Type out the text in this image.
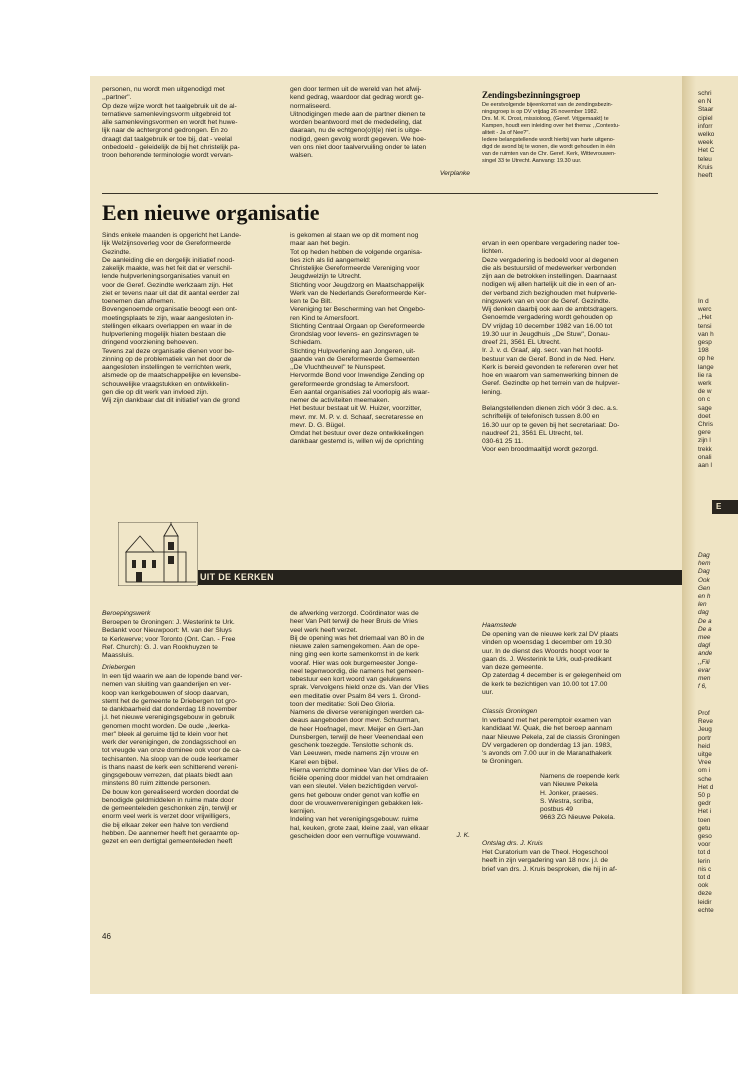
schri
en N
Staar
cipiel
inforr
welko
week
Het C
teleu
Kruis
heeft
In d
werc
,,Het
tensi
van h
gesp
198
op he
lange
lie ra
werk
de w
on c
sage
doet
Chris
gere
zijn l
trekk
onali
aan l
E
Dag
hem
Dag
Ook
Gen
en h
len
dag
De a
De a
mee
dagl
ande
,,Fili
evar
men
f 6,
Prof
Reve
Jeug
portr
heid
uitge
Vree
om i
sche
Het d
50 p
gedr
Het i
toen
getu
geso
voor
tot d
lerin
nis c
tot d
ook
deze
leidir
echte
personen, nu wordt men uitgenodigd met
,,partner''.
Op deze wijze wordt het taalgebruik uit de al-
ternatieve samenlevingsvorm uitgebreid tot
alle samenlevingsvormen en wordt het huwe-
lijk naar de achtergrond gedrongen. En zo
draagt dat taalgebruik er toe bij, dat - veelal
onbedoeld - geleidelijk de bij het christelijk pa-
troon behorende terminologie wordt vervan-
gen door termen uit de wereld van het afwij-
kend gedrag, waardoor dat gedrag wordt ge-
normaliseerd.
Uitnodigingen mede aan de partner dienen te
worden beantwoord met de mededeling, dat
daaraan, nu de echtgeno(o)t(e) niet is uitge-
nodigd, geen gevolg wordt gegeven. We hoe-
ven ons niet door taalvervuiling onder te laten
walsen.
Verplanke
Zendingsbezinningsgroep
De eerstvolgende bijeenkomst van de zendingsbezin-
ningsgroep is op DV vrijdag 26 november 1982.
Drs. M. K. Drost, missioloog, (Geref. Vrijgemaakt) te
Kampen, houdt een inleiding over het thema: ,,Contextu-
aliteit - Ja of Nee?''.
Iedere belangstellende wordt hierbij van harte uitgeno-
digd de avond bij te wonen, die wordt gehouden in één
van de ruimten van de Chr. Geref. Kerk, Wittevrouwen-
singel 33 te Utrecht. Aanvang: 19.30 uur.
Een nieuwe organisatie
Sinds enkele maanden is opgericht het Lande-
lijk Welzijnsoverleg voor de Gereformeerde
Gezindte.
De aanleiding die en dergelijk initiatief nood-
zakelijk maakte, was het feit dat er verschil-
lende hulpverleningsorganisaties vanuit en
voor de Geref. Gezindte werkzaam zijn. Het
ziet er tevens naar uit dat dit aantal eerder zal
toenemen dan afnemen.
Bovengenoemde organisatie beoogt een ont-
moetingsplaats te zijn, waar aangesloten in-
stellingen elkaars overlappen en waar in de
hulpverlening mogelijk hiaten bestaan die
dringend voorziening behoeven.
Tevens zal deze organisatie dienen voor be-
zinning op de problematiek van het door de
aangesloten instellingen te verrichten werk,
alsmede op de maatschappelijke en levensbe-
schouwelijke vraagstukken en ontwikkelin-
gen die op dit werk van invloed zijn.
Wij zijn dankbaar dat dit initiatief van de grond
is gekomen al staan we op dit moment nog
maar aan het begin.
Tot op heden hebben de volgende organisa-
ties zich als lid aangemeld:
Christelijke Gereformeerde Vereniging voor
Jeugdwelzijn te Utrecht.
Stichting voor Jeugdzorg en Maatschappelijk
Werk van de Nederlands Gereformeerde Ker-
ken te De Bilt.
Vereniging ter Bescherming van het Ongebo-
ren Kind te Amersfoort.
Stichting Centraal Orgaan op Gereformeerde
Grondslag voor levens- en gezinsvragen te
Schiedam.
Stichting Hulpverlening aan Jongeren, uit-
gaande van de Gereformeerde Gemeenten
,,De Vluchtheuvel'' te Nunspeet.
Hervormde Bond voor Inwendige Zending op
gereformeerde grondslag te Amersfoort.
Een aantal organisaties zal voorlopig als waar-
nemer de activiteiten meemaken.
Het bestuur bestaat uit W. Huizer, voorzitter,
mevr. mr. M. P. v. d. Schaaf, secretaresse en
mevr. D. G. Bügel.
Omdat het bestuur over deze ontwikkelingen
dankbaar gestemd is, willen wij de oprichting
ervan in een openbare vergadering nader toe-
lichten.
Deze vergadering is bedoeld voor al degenen
die als bestuurslid of medewerker verbonden
zijn aan de betrokken instellingen. Daarnaast
nodigen wij allen hartelijk uit die in een of an-
der verband zich bezighouden met hulpverle-
ningswerk van en voor de Geref. Gezindte.
Wij denken daarbij ook aan de ambtsdragers.
Genoemde vergadering wordt gehouden op
DV vrijdag 10 december 1982 van 16.00 tot
19.30 uur in Jeugdhuis ,,De Stuw'', Donau-
dreef 21, 3561 EL Utrecht.
Ir. J. v. d. Graaf, alg. secr. van het hoofd-
bestuur van de Geref. Bond in de Ned. Herv.
Kerk is bereid gevonden te refereren over het
hoe en waarom van samenwerking binnen de
Geref. Gezindte op het terrein van de hulpver-
lening.

Belangstellenden dienen zich vóór 3 dec. a.s.
schriftelijk of telefonisch tussen 8.00 en
16.30 uur op te geven bij het secretariaat: Do-
naudreef 21, 3561 EL Utrecht, tel.
030-61 25 11.
Voor een broodmaaltijd wordt gezorgd.
UIT DE KERKEN
Beroepingswerk
Beroepen te Groningen: J. Westerink te Urk.
Bedankt voor Nieuwpoort: M. van der Sluys
te Kerkwerve; voor Toronto (Ont. Can. - Free
Ref. Church): G. J. van Rookhuyzen te
Maassluis.
Driebergen
In een tijd waarin we aan de lopende band ver-
nemen van sluiting van gaanderijen en ver-
koop van kerkgebouwen of sloop daarvan,
stemt het de gemeente te Driebergen tot gro-
te dankbaarheid dat donderdag 18 november
j.l. het nieuwe verenigingsgebouw in gebruik
genomen mocht worden. De oude ,,leerka-
mer'' bleek al geruime tijd te klein voor het
werk der verenigingen, de zondagsschool en
tot vreugde van onze dominee ook voor de ca-
techisanten. Na sloop van de oude leerkamer
is thans naast de kerk een schitterend vereni-
gingsgebouw verrezen, dat plaats biedt aan
minstens 80 ruim zittende personen.
De bouw kon gerealiseerd worden doordat de
benodigde geldmiddelen in ruime mate door
de gemeenteleden geschonken zijn, terwijl er
enorm veel werk is verzet door vrijwilligers,
die bij elkaar zeker een halve ton verdiend
hebben. De aannemer heeft het geraamte op-
gezet en een dertigtal gemeenteleden heeft
de afwerking verzorgd. Coördinator was de
heer Van Pelt terwijl de heer Bruis de Vries
veel werk heeft verzet.
Bij de opening was het driemaal van 80 in de
nieuwe zalen samengekomen. Aan de ope-
ning ging een korte samenkomst in de kerk
vooraf. Hier was ook burgemeester Jonge-
neel tegenwoordig, die namens het gemeen-
tebestuur een kort woord van gelukwens
sprak. Vervolgens hield onze ds. Van der Vlies
een meditatie over Psalm 84 vers 1. Grond-
toon der meditatie: Soli Deo Gloria.
Namens de diverse verenigingen werden ca-
deaus aangeboden door mevr. Schuurman,
de heer Hoefnagel, mevr. Meijer en Gert-Jan
Dunsbergen, terwijl de heer Veenendaal een
geschenk toezegde. Tenslotte schonk ds.
Van Leeuwen, mede namens zijn vrouw en
Karel een bijbel.
Hierna verrichtte dominee Van der Vlies de of-
ficiële opening door middel van het omdraaien
van een sleutel. Velen bezichtigden vervol-
gens het gebouw onder genot van koffie en
door de vrouwenverenigingen gebakken lek-
kernijen.
Indeling van het verenigingsgebouw: ruime
hal, keuken, grote zaal, kleine zaal, van elkaar
gescheiden door een vernuftige vouwwand.	J. K.
Haamstede
De opening van de nieuwe kerk zal DV plaats
vinden op woensdag 1 december om 19.30
uur. In de dienst des Woords hoopt voor te
gaan ds. J. Westerink te Urk, oud-predikant
van deze gemeente.
Op zaterdag 4 december is er gelegenheid om
de kerk te bezichtigen van 10.00 tot 17.00
uur.
Classis Groningen
In verband met het peremptoir examen van
kandidaat W. Quak, die het beroep aannam
naar Nieuwe Pekela, zal de classis Groningen
DV vergaderen op donderdag 13 jan. 1983,
's avonds om 7.00 uur in de Maranathakerk
te Groningen.
Namens de roepende kerk
van Nieuwe Pekela
H. Jonker, praeses.
S. Westra, scriba,
postbus 49
9663 ZG Nieuwe Pekela.
Ontslag drs. J. Kruis
Het Curatorium van de Theol. Hogeschool
heeft in zijn vergadering van 18 nov. j.l. de
brief van drs. J. Kruis besproken, die hij in af-
46
